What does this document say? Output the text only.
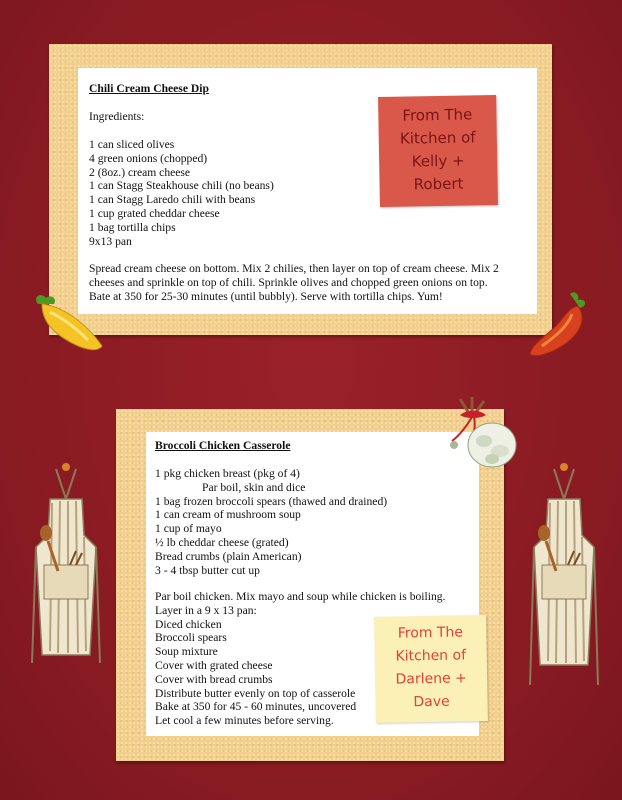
Chili Cream Cheese Dip
Ingredients:
1 can sliced olives
4 green onions (chopped)
2 (8oz.) cream cheese
1 can Stagg Steakhouse chili (no beans)
1 can Stagg Laredo chili with beans
1 cup grated cheddar cheese
1 bag tortilla chips
9x13 pan
Spread cream cheese on bottom. Mix 2 chilies, then layer on top of cream cheese. Mix 2
cheeses and sprinkle on top of chili. Sprinkle olives and chopped green onions on top.
Bate at 350 for 25-30 minutes (until bubbly). Serve with tortilla chips. Yum!
From The
Kitchen of
Kelly +
Robert
Broccoli Chicken Casserole
1 pkg chicken breast (pkg of 4)
Par boil, skin and dice
1 bag frozen broccoli spears (thawed and drained)
1 can cream of mushroom soup
1 cup of mayo
½ lb cheddar cheese (grated)
Bread crumbs (plain American)
3 - 4 tbsp butter cut up
Par boil chicken. Mix mayo and soup while chicken is boiling.
Layer in a 9 x 13 pan:
Diced chicken
Broccoli spears
Soup mixture
Cover with grated cheese
Cover with bread crumbs
Distribute butter evenly on top of casserole
Bake at 350 for 45 - 60 minutes, uncovered
Let cool a few minutes before serving.
From The
Kitchen of
Darlene +
Dave
